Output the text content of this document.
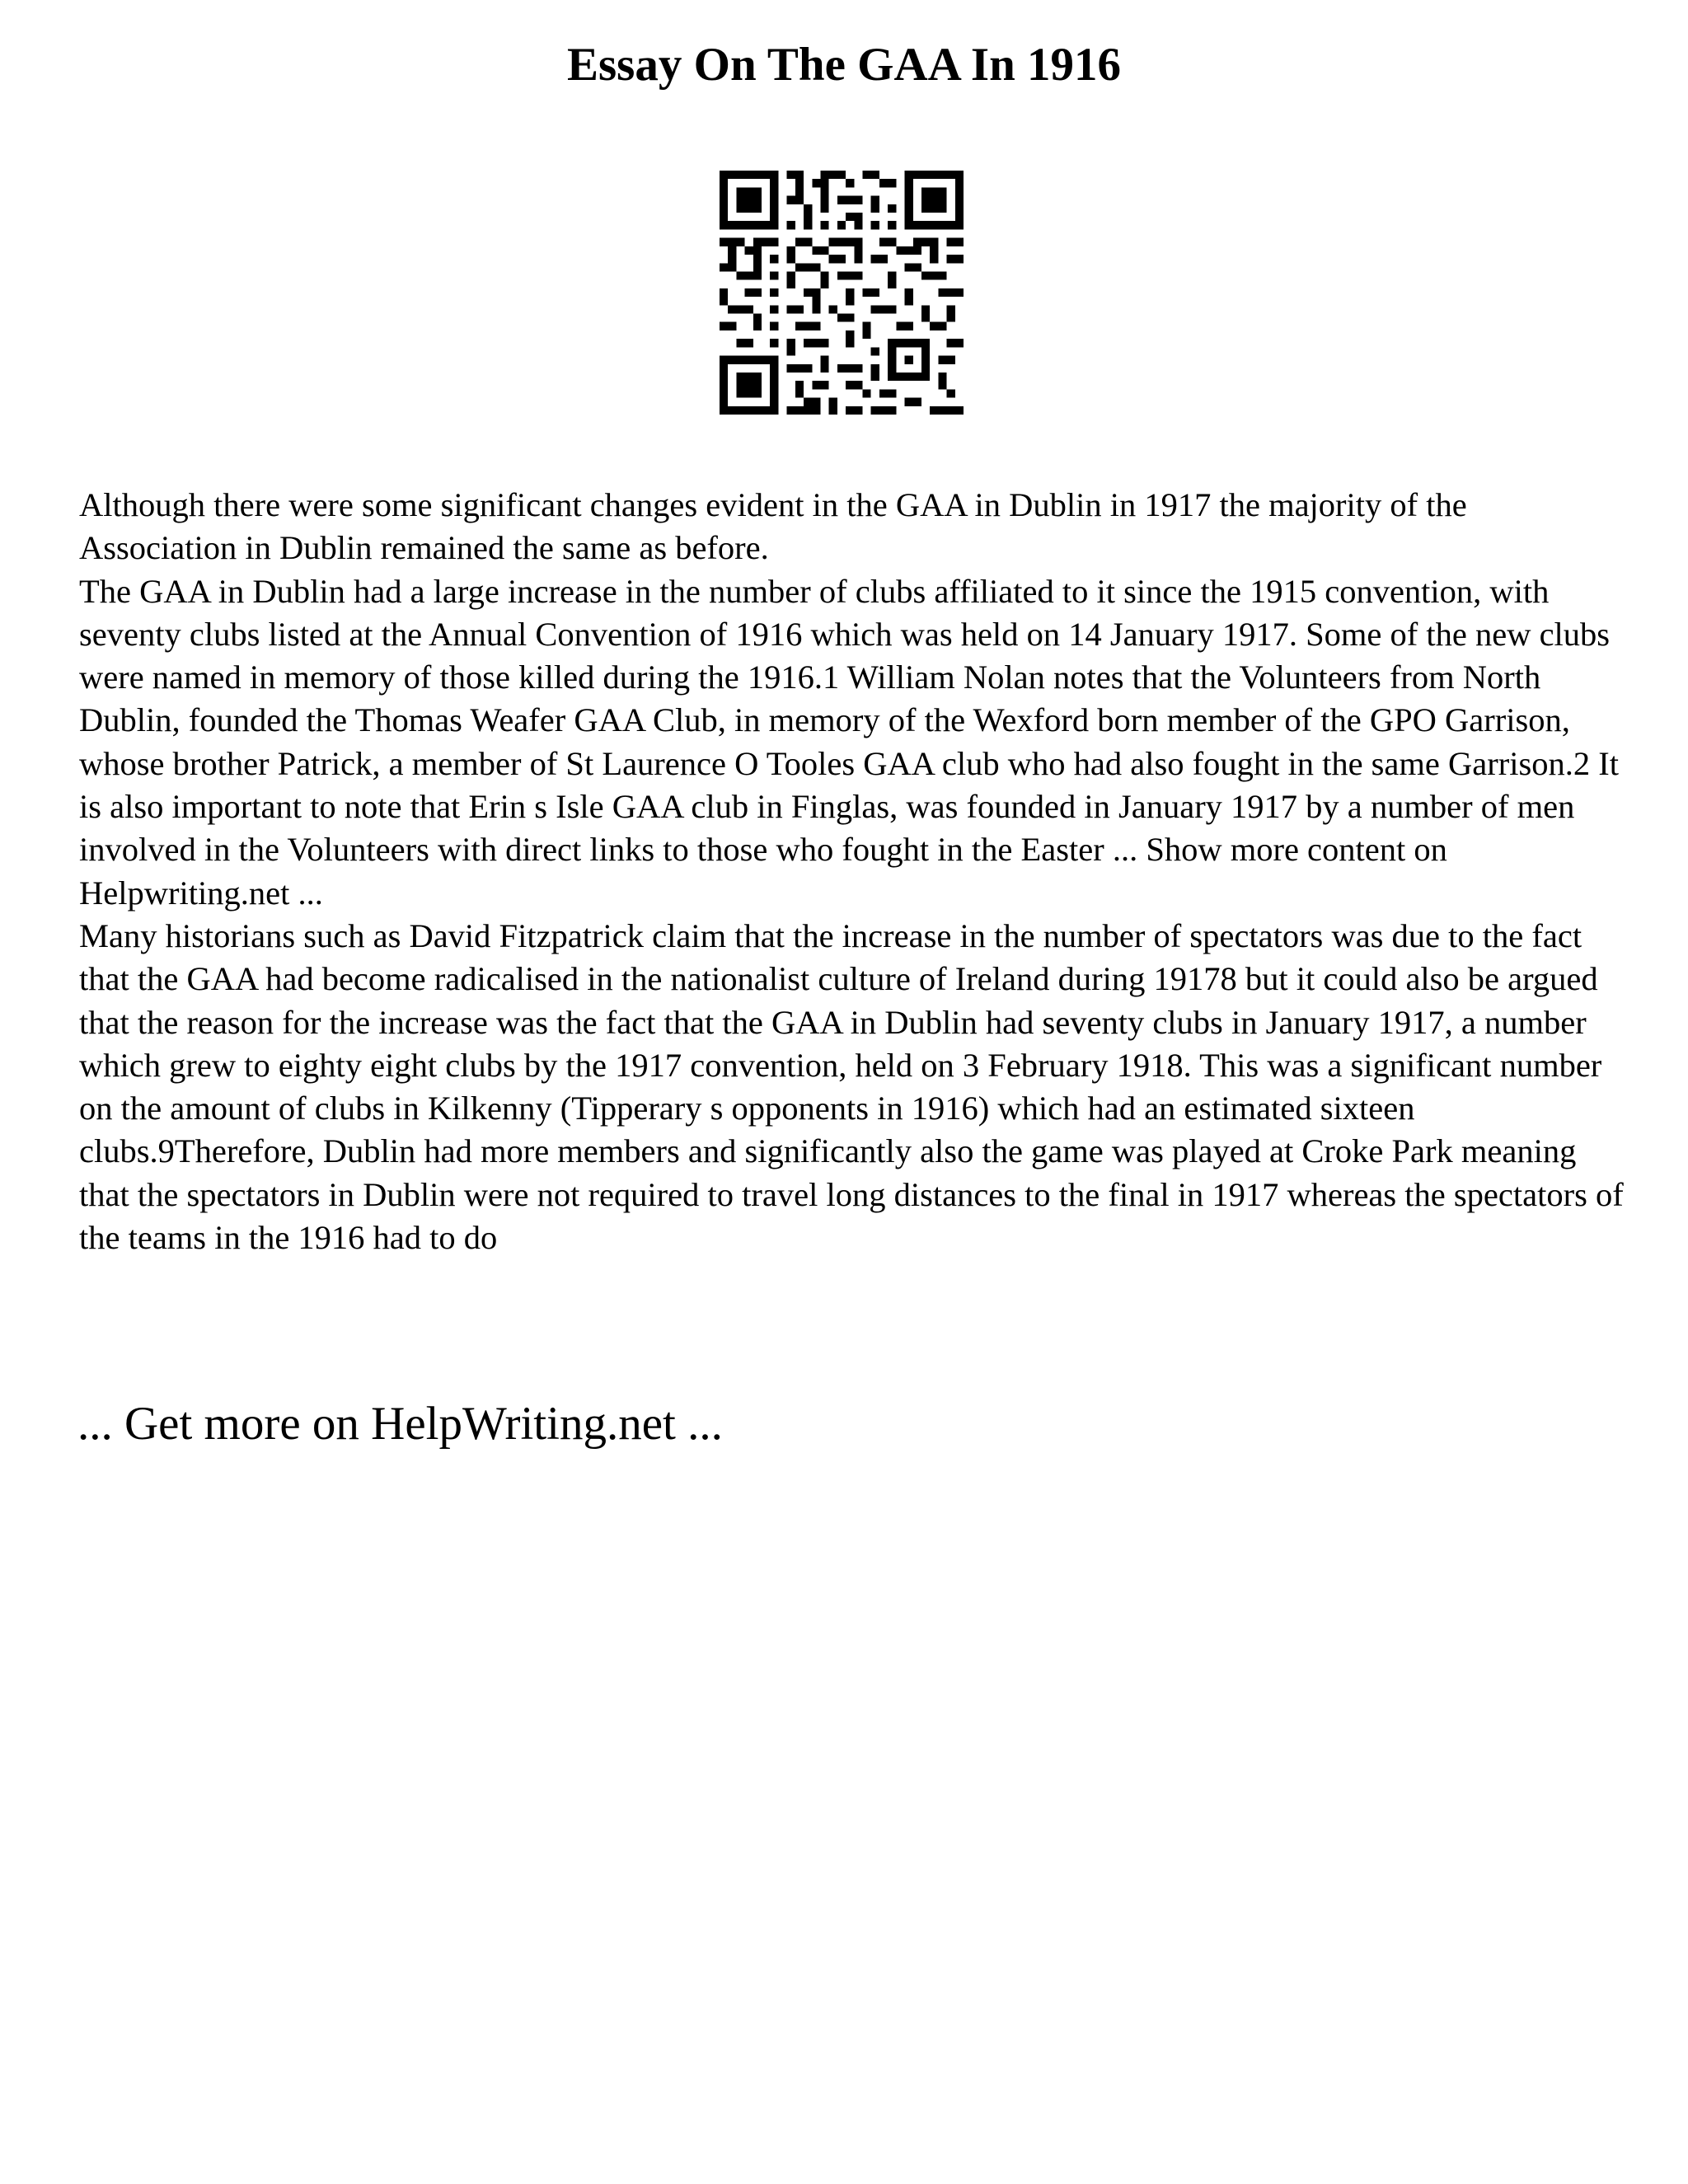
Essay On The GAA In 1916

Although there were some significant changes evident in the GAA in Dublin in 1917 the majority of the Association in Dublin remained the same as before.

The GAA in Dublin had a large increase in the number of clubs affiliated to it since the 1915 convention, with seventy clubs listed at the Annual Convention of 1916 which was held on 14 January 1917. Some of the new clubs were named in memory of those killed during the 1916.1 William Nolan notes that the Volunteers from North Dublin, founded the Thomas Weafer GAA Club, in memory of the Wexford born member of the GPO Garrison, whose brother Patrick, a member of St Laurence O Tooles GAA club who had also fought in the same Garrison.2 It is also important to note that Erin s Isle GAA club in Finglas, was founded in January 1917 by a number of men involved in the Volunteers with direct links to those who fought in the Easter ... Show more content on Helpwriting.net ...

Many historians such as David Fitzpatrick claim that the increase in the number of spectators was due to the fact that the GAA had become radicalised in the nationalist culture of Ireland during 19178 but it could also be argued that the reason for the increase was the fact that the GAA in Dublin had seventy clubs in January 1917, a number which grew to eighty eight clubs by the 1917 convention, held on 3 February 1918. This was a significant number on the amount of clubs in Kilkenny (Tipperary s opponents in 1916) which had an estimated sixteen clubs.9Therefore, Dublin had more members and significantly also the game was played at Croke Park meaning that the spectators in Dublin were not required to travel long distances to the final in 1917 whereas the spectators of the teams in the 1916 had to do

... Get more on HelpWriting.net ...
